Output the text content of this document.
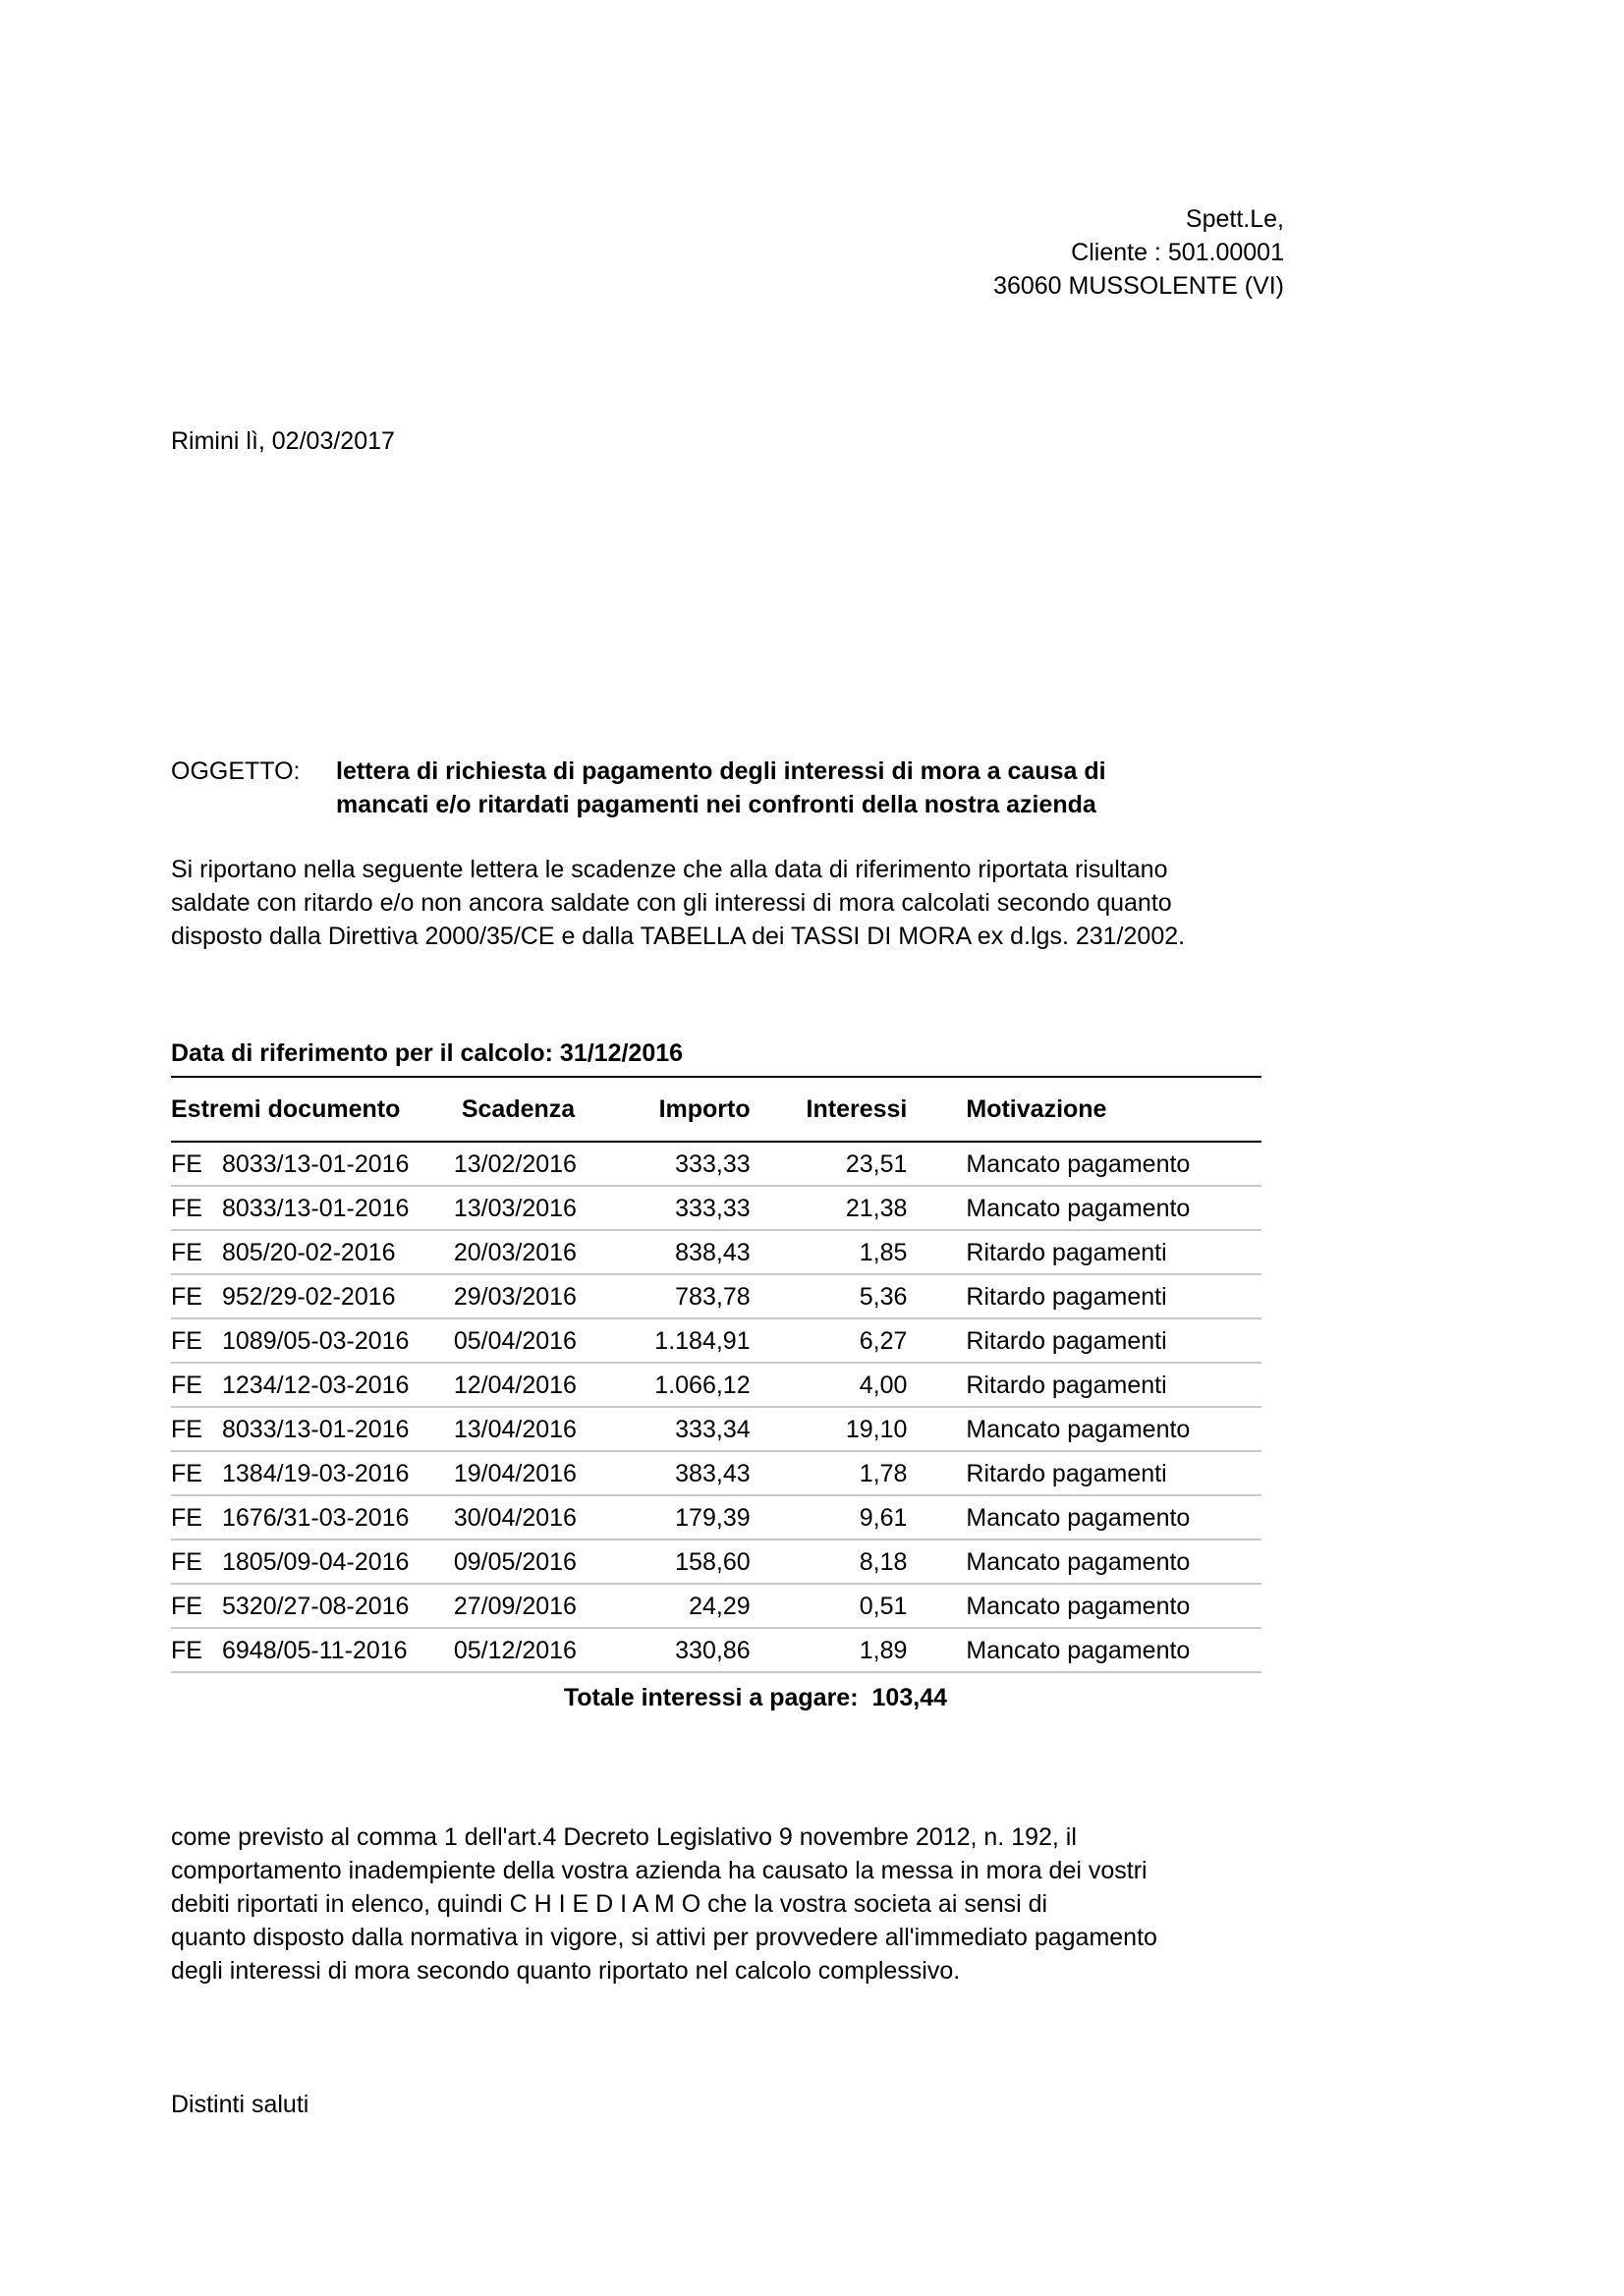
Spett.Le,
Cliente : 501.00001
36060 MUSSOLENTE (VI)
Rimini lì, 02/03/2017
OGGETTO:	lettera di richiesta di pagamento degli interessi di mora a causa di
mancati e/o ritardati pagamenti nei confronti della nostra azienda
Si riportano nella seguente lettera le scadenze che alla data di riferimento riportata risultano
saldate con ritardo e/o non ancora saldate con gli interessi di mora calcolati secondo quanto
disposto dalla Direttiva 2000/35/CE e dalla TABELLA dei TASSI DI MORA ex d.lgs. 231/2002.
Data di riferimento per il calcolo: 31/12/2016
Estremi documento	Scadenza	Importo	Interessi	Motivazione
FE 8033/13-01-2016	13/02/2016	333,33	23,51	Mancato pagamento
FE 8033/13-01-2016	13/03/2016	333,33	21,38	Mancato pagamento
FE 805/20-02-2016	20/03/2016	838,43	1,85	Ritardo pagamenti
FE 952/29-02-2016	29/03/2016	783,78	5,36	Ritardo pagamenti
FE 1089/05-03-2016	05/04/2016	1.184,91	6,27	Ritardo pagamenti
FE 1234/12-03-2016	12/04/2016	1.066,12	4,00	Ritardo pagamenti
FE 8033/13-01-2016	13/04/2016	333,34	19,10	Mancato pagamento
FE 1384/19-03-2016	19/04/2016	383,43	1,78	Ritardo pagamenti
FE 1676/31-03-2016	30/04/2016	179,39	9,61	Mancato pagamento
FE 1805/09-04-2016	09/05/2016	158,60	8,18	Mancato pagamento
FE 5320/27-08-2016	27/09/2016	24,29	0,51	Mancato pagamento
FE 6948/05-11-2016	05/12/2016	330,86	1,89	Mancato pagamento
Totale interessi a pagare: 103,44
come previsto al comma 1 dell'art.4 Decreto Legislativo 9 novembre 2012, n. 192, il
comportamento inadempiente della vostra azienda ha causato la messa in mora dei vostri
debiti riportati in elenco, quindi C H I E D I A M O che la vostra societa ai sensi di
quanto disposto dalla normativa in vigore, si attivi per provvedere all'immediato pagamento
degli interessi di mora secondo quanto riportato nel calcolo complessivo.
Distinti saluti
